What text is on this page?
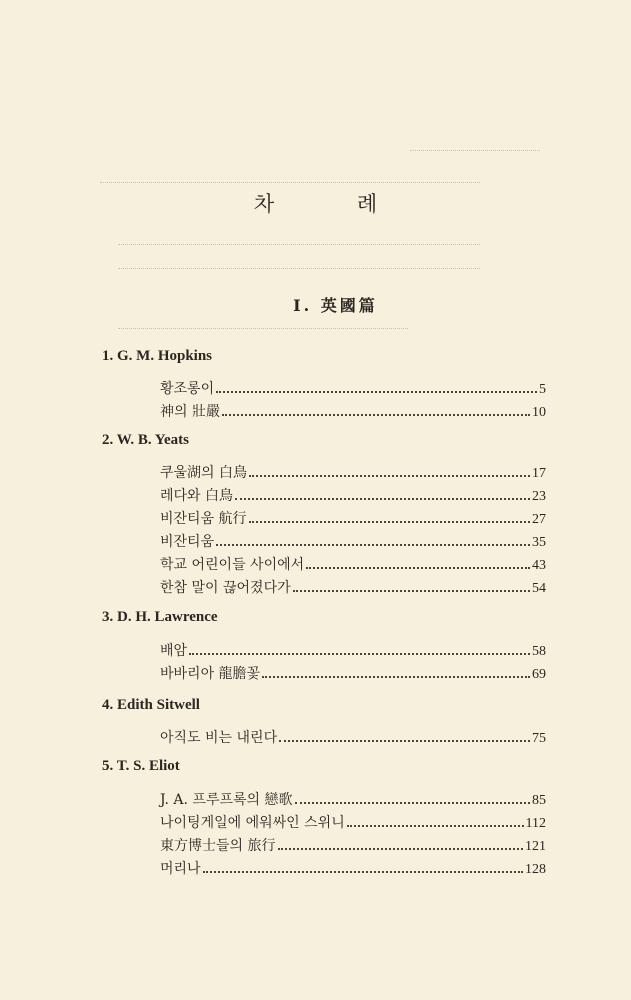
차 례
I. 英國篇
1. G. M. Hopkins
황조롱이	5
神의 壯嚴	10
2. W. B. Yeats
쿠울湖의 白鳥	17
레다와 白鳥	23
비잔티움 航行	27
비잔티움	35
학교 어린이들 사이에서	43
한참 말이 끊어졌다가	54
3. D. H. Lawrence
배암	58
바바리아 龍膽꽃	69
4. Edith Sitwell
아직도 비는 내린다	75
5. T. S. Eliot
J. A. 프루프록의 戀歌	85
나이팅게일에 에워싸인 스위니	112
東方博士들의 旅行	121
머리나	128
